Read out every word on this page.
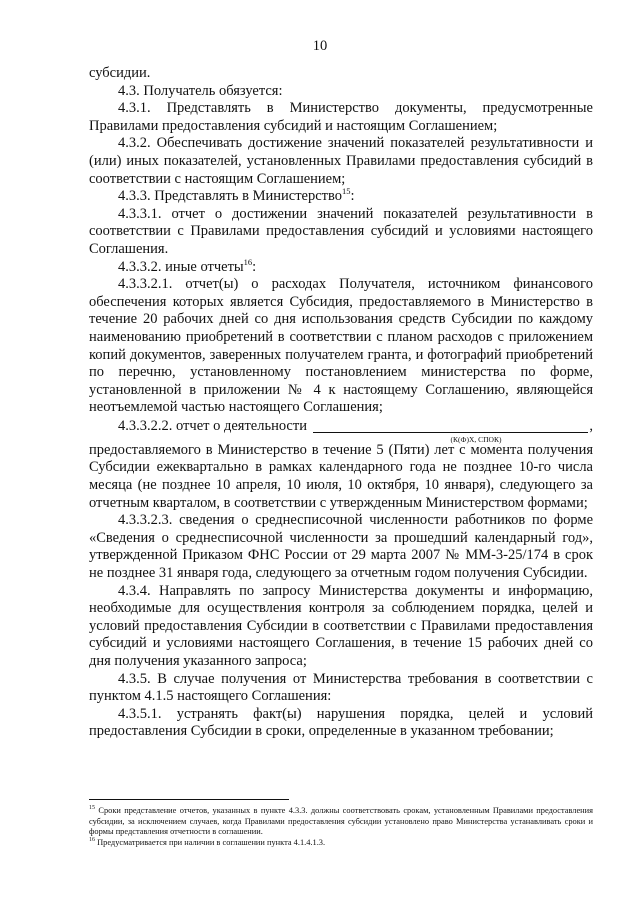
10

субсидии.

4.3. Получатель обязуется:

4.3.1. Представлять в Министерство документы, предусмотренные Правилами предоставления субсидий и настоящим Соглашением;

4.3.2. Обеспечивать достижение значений показателей результативности и (или) иных показателей, установленных Правилами предоставления субсидий в соответствии с настоящим Соглашением;

4.3.3. Представлять в Министерство$^{15}$:

4.3.3.1. отчет о достижении значений показателей результативности в соответствии с Правилами предоставления субсидий и условиями настоящего Соглашения.

4.3.3.2. иные отчеты$^{16}$:

4.3.3.2.1. отчет(ы) о расходах Получателя, источником финансового обеспечения которых является Субсидия, предоставляемого в Министерство в течение 20 рабочих дней со дня использования средств Субсидии по каждому наименованию приобретений в соответствии с планом расходов с приложением копий документов, заверенных получателем гранта, и фотографий приобретений по перечню, установленному постановлением министерства по форме, установленной в приложении № 4 к настоящему Соглашению, являющейся неотъемлемой частью настоящего Соглашения;

4.3.3.2.2. отчет о деятельности	,
(К(Ф)Х, СПОК)

предоставляемого в Министерство в течение 5 (Пяти) лет с момента получения Субсидии ежеквартально в рамках календарного года не позднее 10-го числа месяца (не позднее 10 апреля, 10 июля, 10 октября, 10 января), следующего за отчетным кварталом, в соответствии с утвержденным Министерством формами;

4.3.3.2.3. сведения о среднесписочной численности работников по форме «Сведения о среднесписочной численности за прошедший календарный год», утвержденной Приказом ФНС России от 29 марта 2007 № ММ-3-25/174 в срок не позднее 31 января года, следующего за отчетным годом получения Субсидии.

4.3.4. Направлять по запросу Министерства документы и информацию, необходимые для осуществления контроля за соблюдением порядка, целей и условий предоставления Субсидии в соответствии с Правилами предоставления субсидий и условиями настоящего Соглашения, в течение 15 рабочих дней со дня получения указанного запроса;

4.3.5. В случае получения от Министерства требования в соответствии с пунктом 4.1.5 настоящего Соглашения:

4.3.5.1. устранять факт(ы) нарушения порядка, целей и условий предоставления Субсидии в сроки, определенные в указанном требовании;

$^{15}$ Сроки представление отчетов, указанных в пункте 4.3.3. должны соответствовать срокам, установленным Правилами предоставления субсидии, за исключением случаев, когда Правилами предоставления субсидии установлено право Министерства устанавливать сроки и формы представления отчетности в соглашении.

$^{16}$ Предусматривается при наличии в соглашении пункта 4.1.4.1.3.
